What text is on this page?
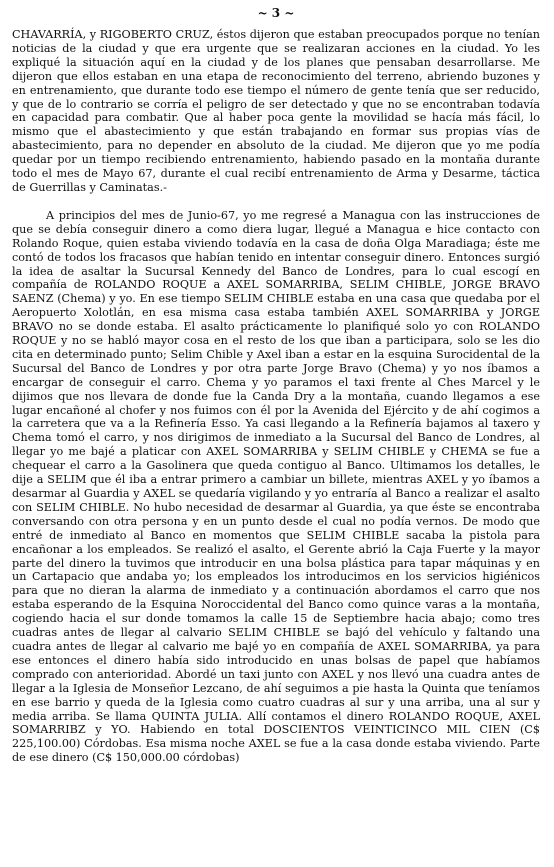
~ 3 ~

CHAVARRÍA, y RIGOBERTO CRUZ, éstos dijeron que estaban preocupados porque no tenían noticias de la ciudad y que era urgente que se realizaran acciones en la ciudad. Yo les expliqué la situación aquí en la ciudad y de los planes que pensaban desarrollarse. Me dijeron que ellos estaban en una etapa de reconocimiento del terreno, abriendo buzones y en entrenamiento, que durante todo ese tiempo el número de gente tenía que ser reducido, y que de lo contrario se corría el peligro de ser detectado y que no se encontraban todavía en capacidad para combatir. Que al haber poca gente la movilidad se hacía más fácil, lo mismo que el abastecimiento y que están trabajando en formar sus propias vías de abastecimiento, para no depender en absoluto de la ciudad. Me dijeron que yo me podía quedar por un tiempo recibiendo entrenamiento, habiendo pasado en la montaña durante todo el mes de Mayo 67, durante el cual recibí entrenamiento de Arma y Desarme, táctica de Guerrillas y Caminatas.-

A principios del mes de Junio-67, yo me regresé a Managua con las instrucciones de que se debía conseguir dinero a como diera lugar, llegué a Managua e hice contacto con Rolando Roque, quien estaba viviendo todavía en la casa de doña Olga Maradiaga; éste me contó de todos los fracasos que habían tenido en intentar conseguir dinero. Entonces surgió la idea de asaltar la Sucursal Kennedy del Banco de Londres, para lo cual escogí en compañía de ROLANDO ROQUE a AXEL SOMARRIBA, SELIM CHIBLE, JORGE BRAVO SAENZ (Chema) y yo. En ese tiempo SELIM CHIBLE estaba en una casa que quedaba por el Aeropuerto Xolotlán, en esa misma casa estaba también AXEL SOMARRIBA y JORGE BRAVO no se donde estaba. El asalto prácticamente lo planifiqué solo yo con ROLANDO ROQUE y no se habló mayor cosa en el resto de los que iban a participara, solo se les dio cita en determinado punto; Selim Chible y Axel iban a estar en la esquina Surocidental de la Sucursal del Banco de Londres y por otra parte Jorge Bravo (Chema) y yo nos íbamos a encargar de conseguir el carro. Chema y yo paramos el taxi frente al Ches Marcel y le dijimos que nos llevara de donde fue la Canda Dry a la montaña, cuando llegamos a ese lugar encañoné al chofer y nos fuimos con él por la Avenida del Ejército y de ahí cogimos a la carretera que va a la Refinería Esso. Ya casi llegando a la Refinería bajamos al taxero y Chema tomó el carro, y nos dirigimos de inmediato a la Sucursal del Banco de Londres, al llegar yo me bajé a platicar con AXEL SOMARRIBA y SELIM CHIBLE y CHEMA se fue a chequear el carro a la Gasolinera que queda contiguo al Banco. Ultimamos los detalles, le dije a SELIM que él iba a entrar primero a cambiar un billete, mientras AXEL y yo íbamos a desarmar al Guardia y AXEL se quedaría vigilando y yo entraría al Banco a realizar el asalto con SELIM CHIBLE. No hubo necesidad de desarmar al Guardia, ya que éste se encontraba conversando con otra persona y en un punto desde el cual no podía vernos. De modo que entré de inmediato al Banco en momentos que SELIM CHIBLE sacaba la pistola para encañonar a los empleados. Se realizó el asalto, el Gerente abrió la Caja Fuerte y la mayor parte del dinero la tuvimos que introducir en una bolsa plástica para tapar máquinas y en un Cartapacio que andaba yo; los empleados los introducimos en los servicios higiénicos para que no dieran la alarma de inmediato y a continuación abordamos el carro que nos estaba esperando de la Esquina Noroccidental del Banco como quince varas a la montaña, cogiendo hacia el sur donde tomamos la calle 15 de Septiembre hacia abajo; como tres cuadras antes de llegar al calvario SELIM CHIBLE se bajó del vehículo y faltando una cuadra antes de llegar al calvario me bajé yo en compañía de AXEL SOMARRIBA, ya para ese entonces el dinero había sido introducido en unas bolsas de papel que habíamos comprado con anterioridad. Abordé un taxi junto con AXEL y nos llevó una cuadra antes de llegar a la Iglesia de Monseñor Lezcano, de ahí seguimos a pie hasta la Quinta que teníamos en ese barrio y queda de la Iglesia como cuatro cuadras al sur y una arriba, una al sur y media arriba. Se llama QUINTA JULIA. Allí contamos el dinero ROLANDO ROQUE, AXEL SOMARRIBZ y YO. Habiendo en total DOSCIENTOS VEINTICINCO MIL CIEN (C$ 225,100.00) Córdobas. Esa misma noche AXEL se fue a la casa donde estaba viviendo. Parte de ese dinero (C$ 150,000.00 córdobas)
